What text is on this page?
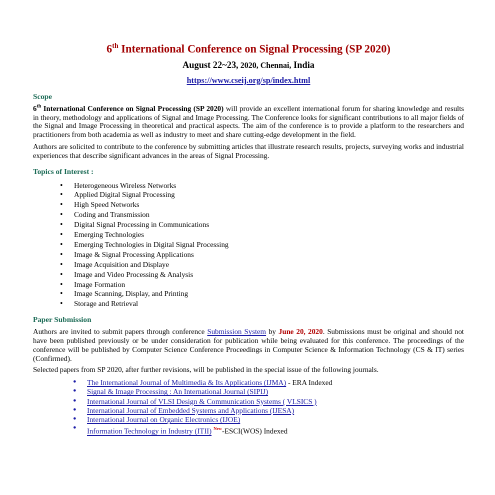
6th International Conference on Signal Processing (SP 2020)
August 22~23, 2020, Chennai, India
https://www.cseij.org/sp/index.html
Scope
6th International Conference on Signal Processing (SP 2020) will provide an excellent international forum for sharing knowledge and results in theory, methodology and applications of Signal and Image Processing. The Conference looks for significant contributions to all major fields of the Signal and Image Processing in theoretical and practical aspects. The aim of the conference is to provide a platform to the researchers and practitioners from both academia as well as industry to meet and share cutting-edge development in the field.
Authors are solicited to contribute to the conference by submitting articles that illustrate research results, projects, surveying works and industrial experiences that describe significant advances in the areas of Signal Processing.
Topics of Interest :
• Heterogeneous Wireless Networks
• Applied Digital Signal Processing
• High Speed Networks
• Coding and Transmission
• Digital Signal Processing in Communications
• Emerging Technologies
• Emerging Technologies in Digital Signal Processing
• Image & Signal Processing Applications
• Image Acquisition and Displaye
• Image and Video Processing & Analysis
• Image Formation
• Image Scanning, Display, and Printing
• Storage and Retrieval
Paper Submission
Authors are invited to submit papers through conference Submission System by June 20, 2020. Submissions must be original and should not have been published previously or be under consideration for publication while being evaluated for this conference. The proceedings of the conference will be published by Computer Science Conference Proceedings in Computer Science & Information Technology (CS & IT) series (Confirmed).
Selected papers from SP 2020, after further revisions, will be published in the special issue of the following journals.
● The International Journal of Multimedia & Its Applications (IJMA) - ERA Indexed
● Signal & Image Processing : An International Journal (SIPIJ)
● International Journal of VLSI Design & Communication Systems ( VLSICS )
● International Journal of Embedded Systems and Applications (IJESA)
● International Journal on Organic Electronics (IJOE)
● Information Technology in Industry (ITII) $^{New}$-ESCI(WOS) Indexed
